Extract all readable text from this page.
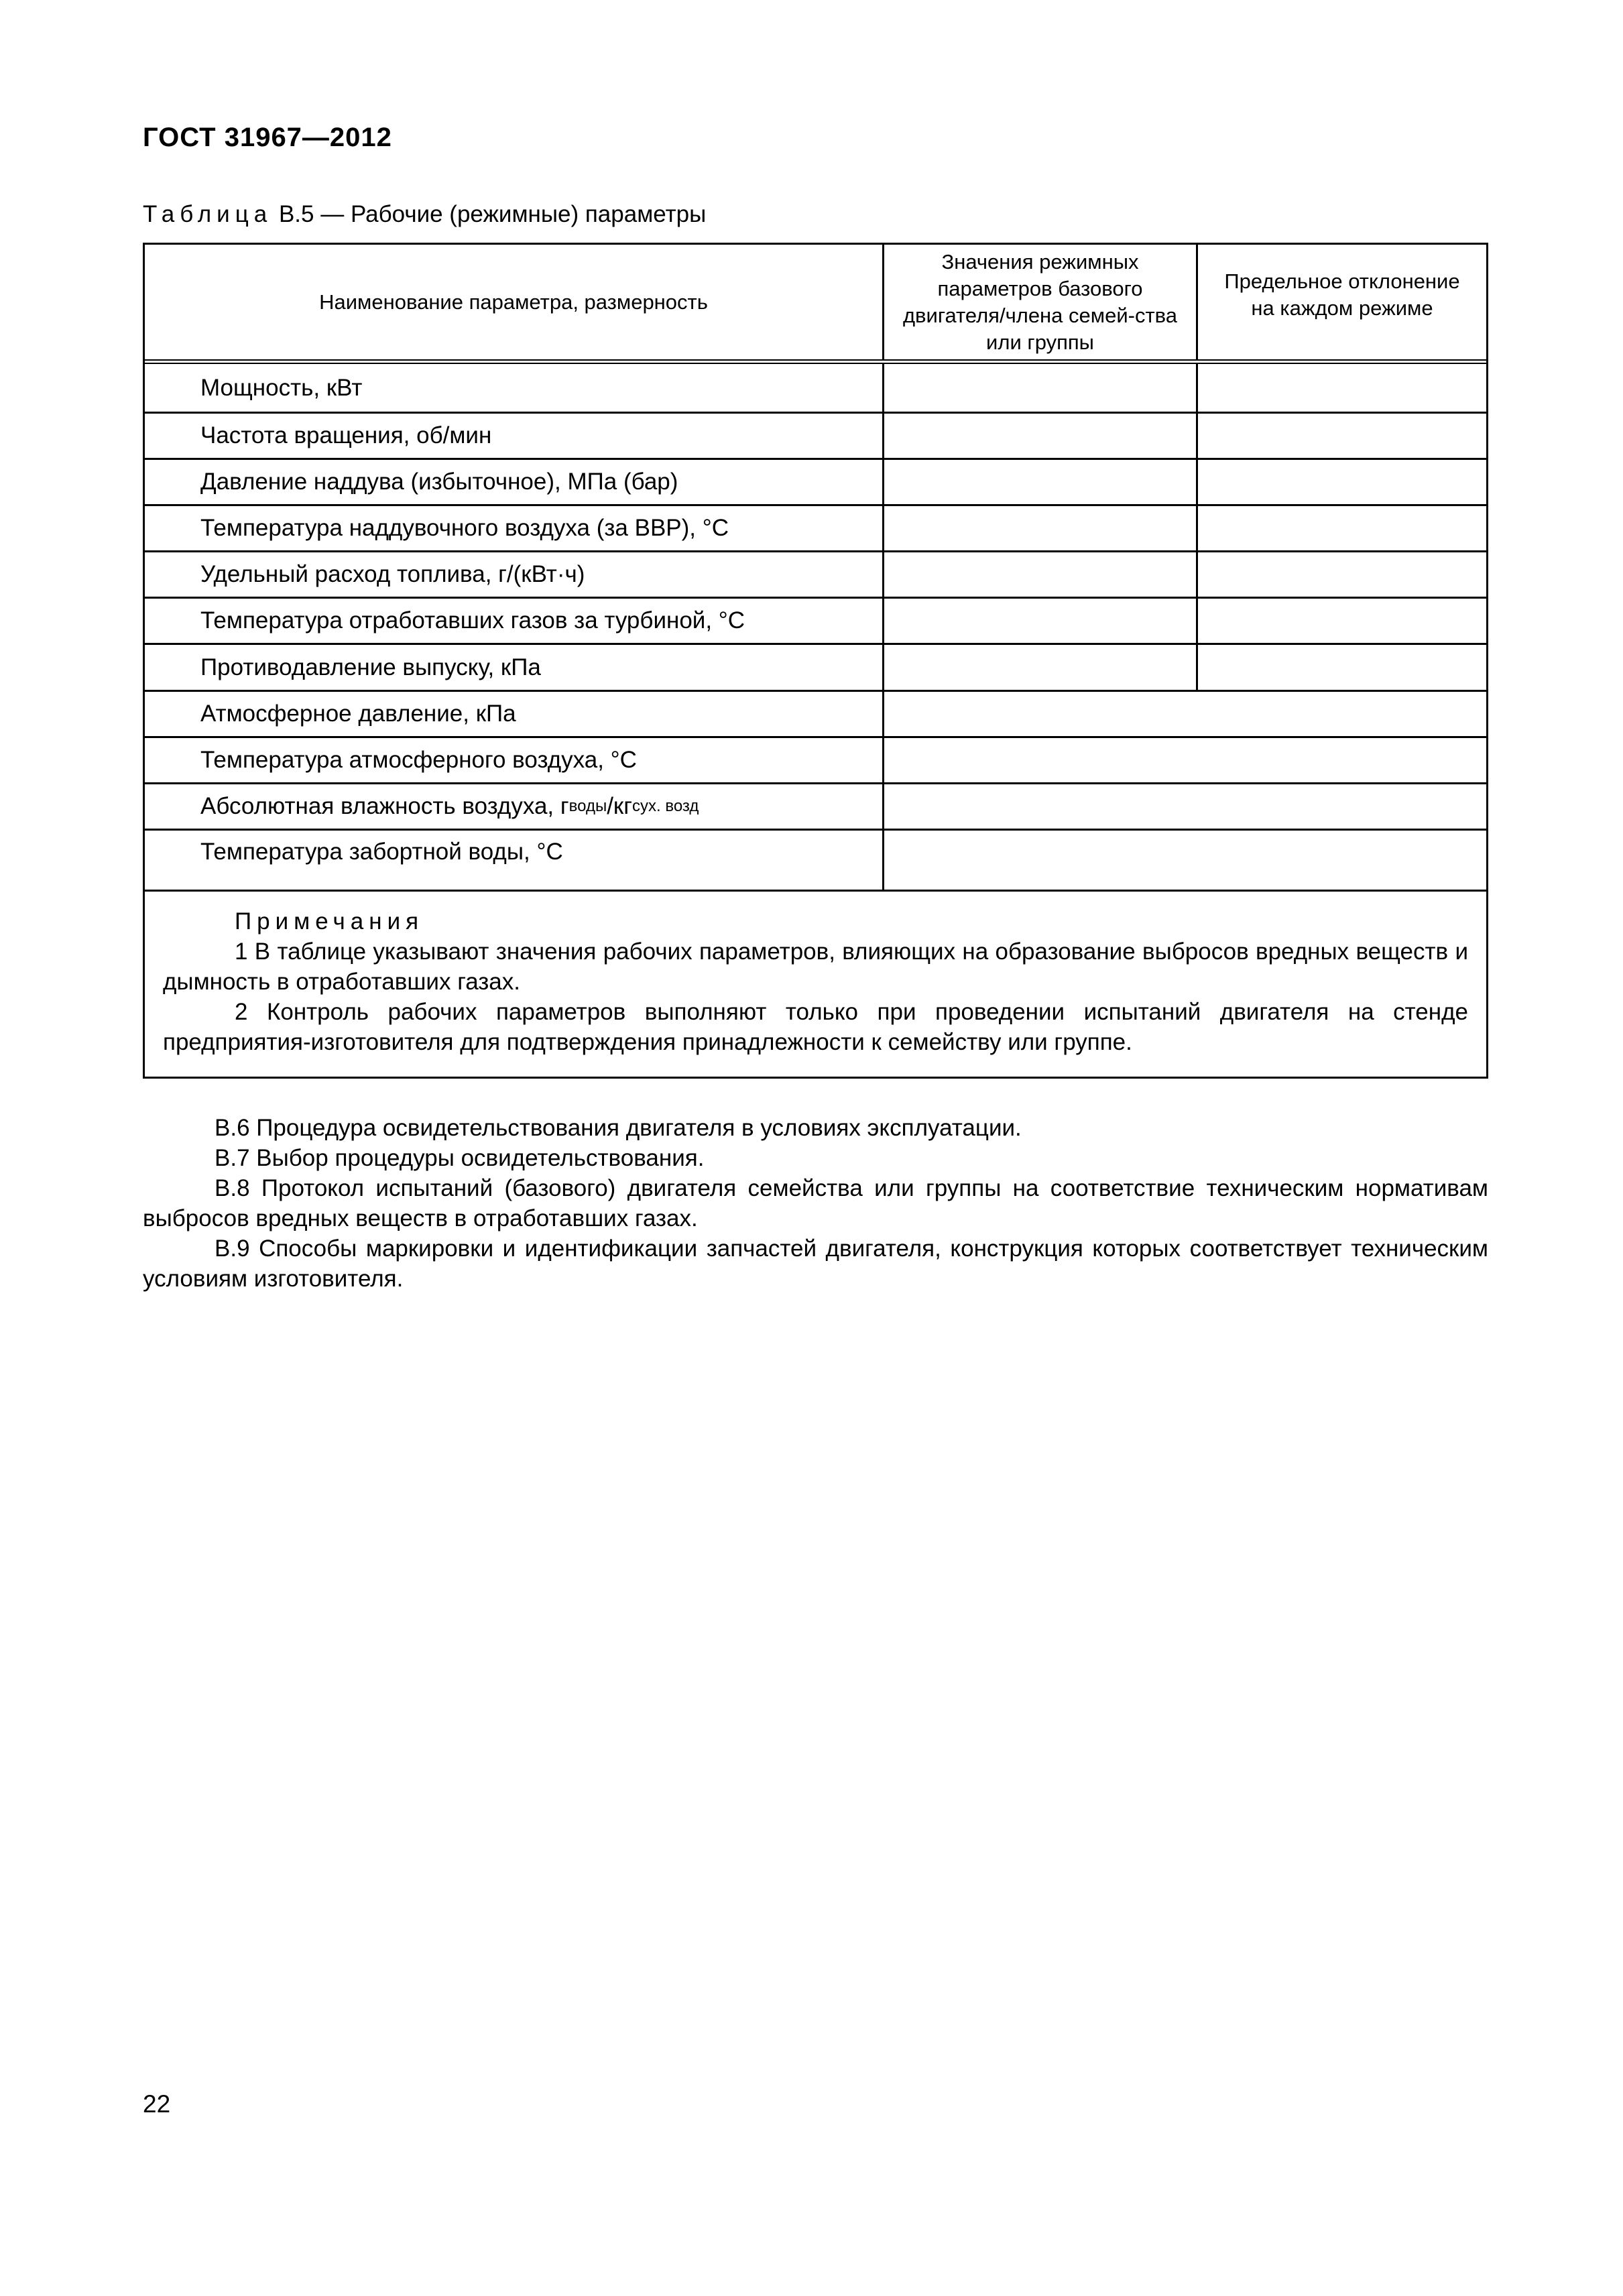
ГОСТ 31967—2012
Таблица В.5 — Рабочие (режимные) параметры
Наименование параметра, размерность
Значения режимных параметров базового двигателя/члена семей-ства или группы
Предельное отклонение на каждом режиме
Мощность, кВт
Частота вращения, об/мин
Давление наддува (избыточное), МПа (бар)
Температура наддувочного воздуха (за ВВР), °С
Удельный расход топлива, г/(кВт·ч)
Температура отработавших газов за турбиной, °С
Противодавление выпуску, кПа
Атмосферное давление, кПа
Температура атмосферного воздуха, °С
Абсолютная влажность воздуха, г воды /кг сух. возд
Температура забортной воды, °С
Примечания

1 В таблице указывают значения рабочих параметров, влияющих на образование выбросов вредных веществ и дымность в отработавших газах.

2 Контроль рабочих параметров выполняют только при проведении испытаний двигателя на стенде предприятия-изготовителя для подтверждения принадлежности к семейству или группе.

В.6 Процедура освидетельствования двигателя в условиях эксплуатации.

В.7 Выбор процедуры освидетельствования.

В.8 Протокол испытаний (базового) двигателя семейства или группы на соответствие техническим нормативам выбросов вредных веществ в отработавших газах.

В.9 Способы маркировки и идентификации запчастей двигателя, конструкция которых соответствует техническим условиям изготовителя.

22
